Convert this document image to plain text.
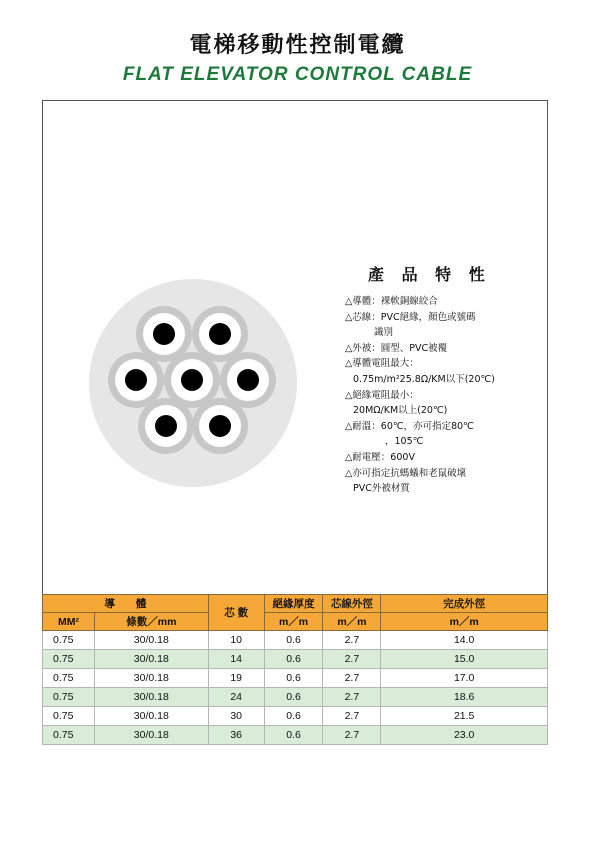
電梯移動性控制電纜
FLAT ELEVATOR CONTROL CABLE
產 品 特 性
△導體：裸軟銅線絞合
△芯線：PVC絕緣，顏色或號碼
識別
△外被：圓型、PVC被覆
△導體電阻最大：
0.75m/m²25.8Ω/KM以下(20℃)
△絕緣電阻最小：
20MΩ/KM以上(20℃)
△耐溫：60℃，亦可指定80℃
，105℃
△耐電壓：600V
△亦可指定抗螞蟻和老鼠破壞
PVC外被材質
導　　體		芯 數	絕緣厚度	芯線外徑	完成外徑
MM²	條數／mm		m／m	m／m	m／m
0.75	30/0.18	10	0.6	2.7	14.0
0.75	30/0.18	14	0.6	2.7	15.0
0.75	30/0.18	19	0.6	2.7	17.0
0.75	30/0.18	24	0.6	2.7	18.6
0.75	30/0.18	30	0.6	2.7	21.5
0.75	30/0.18	36	0.6	2.7	23.0
